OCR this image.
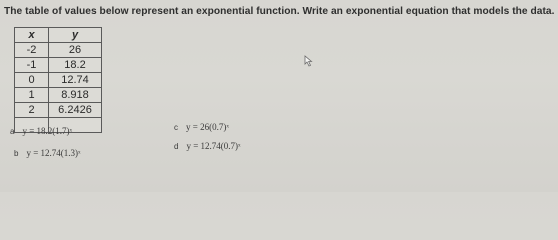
The table of values below represent an exponential function. Write an exponential equation that models the data.
x	y
-2	26
-1	18.2
0	12.74
1	8.918
2	6.2426

a y = 18.2(1.7)ˣ
b y = 12.74(1.3)ˣ
c y = 26(0.7)ˣ
d y = 12.74(0.7)ˣ
